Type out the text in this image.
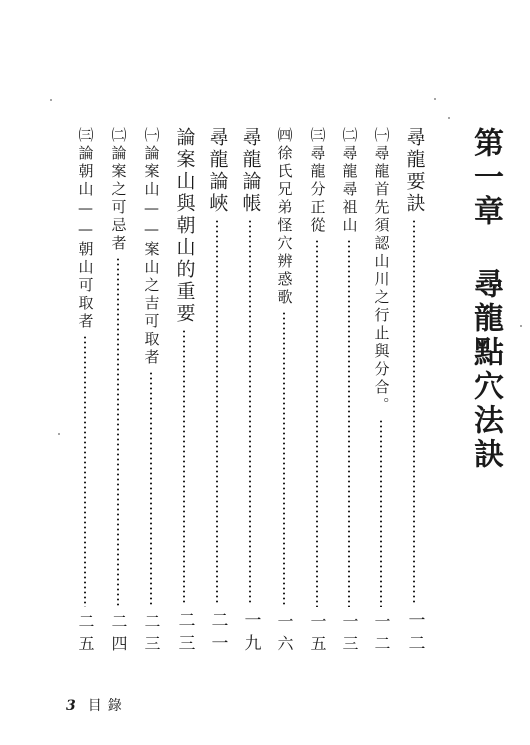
第一章 尋龍點穴法訣
尋龍要訣
一二
㈠尋龍首先須認山川之行止與分合。
一二
㈡尋龍尋祖山
一三
㈢尋龍分正從
一五
㈣徐氏兄弟怪穴辨惑歌
一六
尋龍論帳
一九
尋龍論峽
二一
論案山與朝山的重要
二三
㈠論案山——案山之吉可取者
二三
㈡論案之可忌者
二四
㈢論朝山——朝山可取者
二五
3 目錄
